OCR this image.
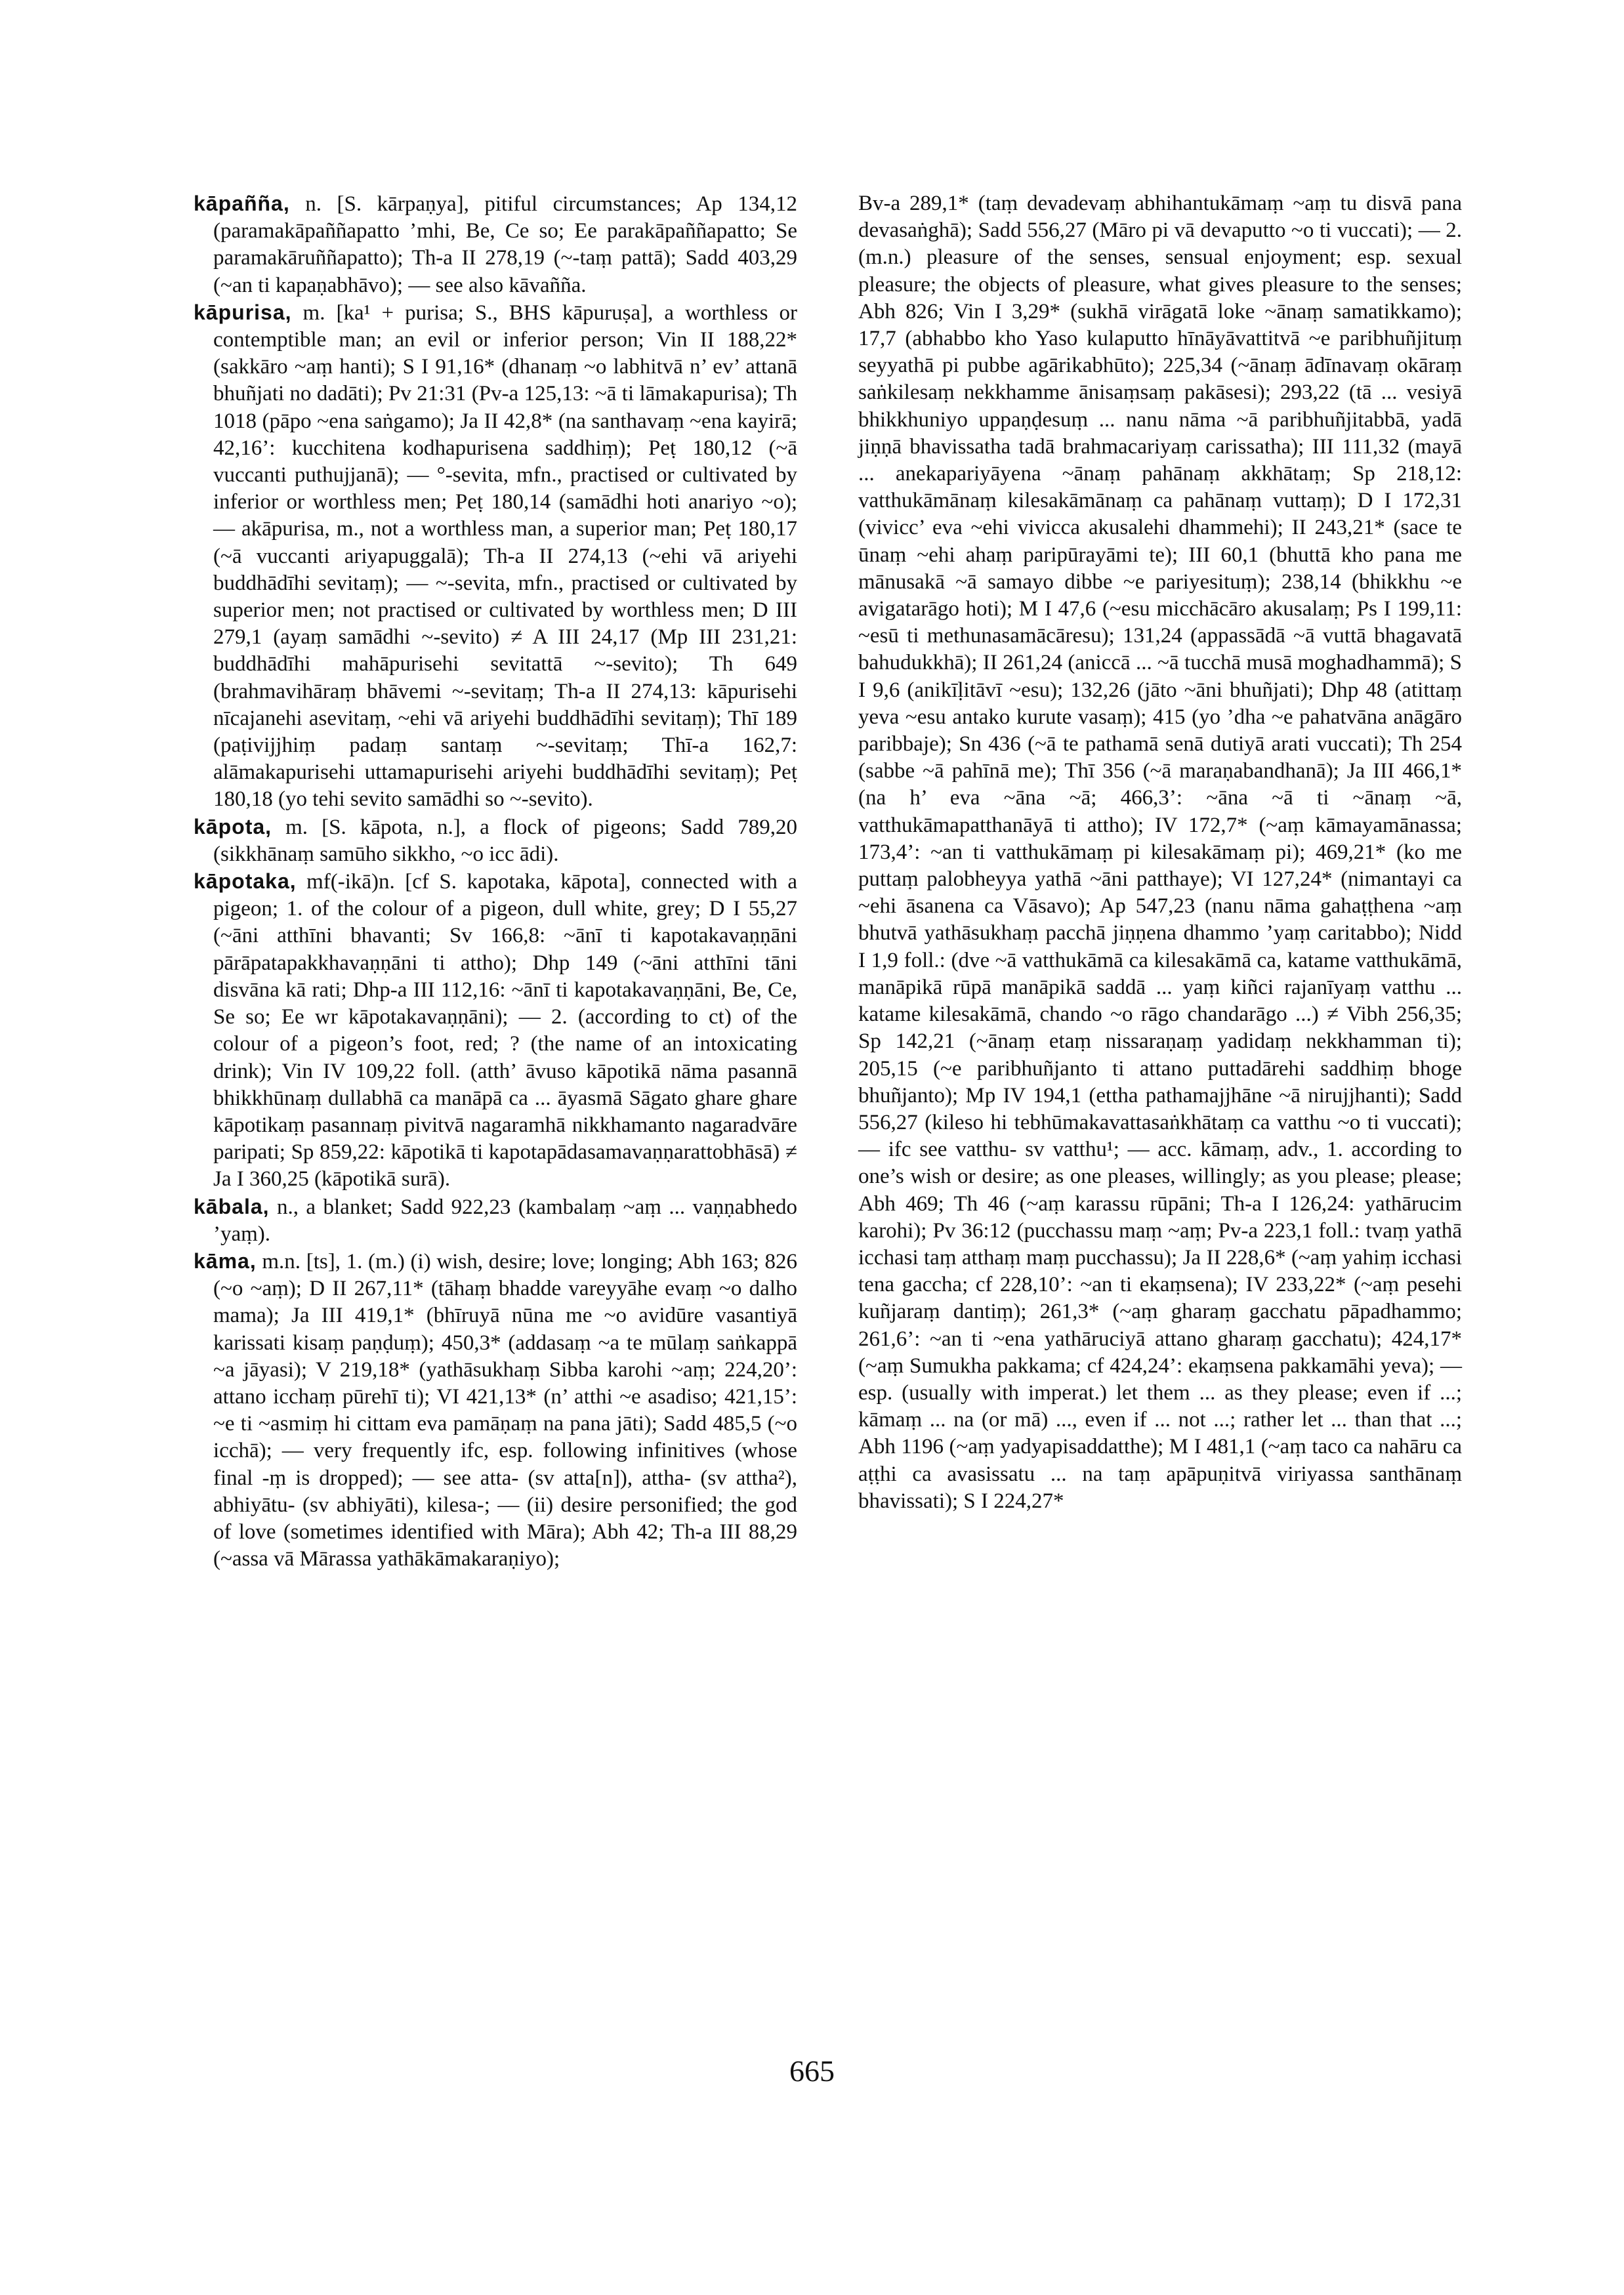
kāpañña, n. [S. kārpaṇya], pitiful circumstances; Ap 134,12 (paramakāpaññapatto ’mhi, Be, Ce so; Ee parakāpaññapatto; Se paramakāruññapatto); Th-a II 278,19 (~-taṃ pattā); Sadd 403,29 (~an ti kapaṇabhāvo); — see also kāvañña.

kāpurisa, m. [ka¹ + purisa; S., BHS kāpuruṣa], a worthless or contemptible man; an evil or inferior person; Vin II 188,22* (sakkāro ~aṃ hanti); S I 91,16* (dhanaṃ ~o labhitvā n’ ev’ attanā bhuñjati no dadāti); Pv 21:31 (Pv-a 125,13: ~ā ti lāmakapurisa); Th 1018 (pāpo ~ena saṅgamo); Ja II 42,8* (na santhavaṃ ~ena kayirā; 42,16’: kucchitena kodhapurisena saddhiṃ); Peṭ 180,12 (~ā vuccanti puthujjanā); — °-sevita, mfn., practised or cultivated by inferior or worthless men; Peṭ 180,14 (samādhi hoti anariyo ~o); — akāpurisa, m., not a worthless man, a superior man; Peṭ 180,17 (~ā vuccanti ariyapuggalā); Th-a II 274,13 (~ehi vā ariyehi buddhādīhi sevitaṃ); — ~-sevita, mfn., practised or cultivated by superior men; not practised or cultivated by worthless men; D III 279,1 (ayaṃ samādhi ~-sevito) ≠ A III 24,17 (Mp III 231,21: buddhādīhi mahāpurisehi sevitattā ~-sevito); Th 649 (brahmavihāraṃ bhāvemi ~-sevitaṃ; Th-a II 274,13: kāpurisehi nīcajanehi asevitaṃ, ~ehi vā ariyehi buddhādīhi sevitaṃ); Thī 189 (paṭivijjhiṃ padaṃ santaṃ ~-sevitaṃ; Thī-a 162,7: alāmakapurisehi uttamapurisehi ariyehi buddhādīhi sevitaṃ); Peṭ 180,18 (yo tehi sevito samādhi so ~-sevito).

kāpota, m. [S. kāpota, n.], a flock of pigeons; Sadd 789,20 (sikkhānaṃ samūho sikkho, ~o icc ādi).

kāpotaka, mf(-ikā)n. [cf S. kapotaka, kāpota], connected with a pigeon; 1. of the colour of a pigeon, dull white, grey; D I 55,27 (~āni atthīni bhavanti; Sv 166,8: ~ānī ti kapotakavaṇṇāni pārāpatapakkhavaṇṇāni ti attho); Dhp 149 (~āni atthīni tāni disvāna kā rati; Dhp-a III 112,16: ~ānī ti kapotakavaṇṇāni, Be, Ce, Se so; Ee wr kāpotakavaṇṇāni); — 2. (according to ct) of the colour of a pigeon’s foot, red; ? (the name of an intoxicating drink); Vin IV 109,22 foll. (atth’ āvuso kāpotikā nāma pasannā bhikkhūnaṃ dullabhā ca manāpā ca ... āyasmā Sāgato ghare ghare kāpotikaṃ pasannaṃ pivitvā nagaramhā nikkhamanto nagaradvāre paripati; Sp 859,22: kāpotikā ti kapotapādasamavaṇṇarattobhāsā) ≠ Ja I 360,25 (kāpotikā surā).

kābala, n., a blanket; Sadd 922,23 (kambalaṃ ~aṃ ... vaṇṇabhedo ’yaṃ).

kāma, m.n. [ts], 1. (m.) (i) wish, desire; love; longing; Abh 163; 826 (~o ~aṃ); D II 267,11* (tāhaṃ bhadde vareyyāhe evaṃ ~o dalho mama); Ja III 419,1* (bhīruyā nūna me ~o avidūre vasantiyā karissati kisaṃ paṇḍuṃ); 450,3* (addasaṃ ~a te mūlaṃ saṅkappā ~a jāyasi); V 219,18* (yathāsukhaṃ Sibba karohi ~aṃ; 224,20’: attano icchaṃ pūrehī ti); VI 421,13* (n’ atthi ~e asadiso; 421,15’: ~e ti ~asmiṃ hi cittam eva pamāṇaṃ na pana jāti); Sadd 485,5 (~o icchā); — very frequently ifc, esp. following infinitives (whose final -ṃ is dropped); — see atta- (sv atta[n]), attha- (sv attha²), abhiyātu- (sv abhiyāti), kilesa-; — (ii) desire personified; the god of love (sometimes identified with Māra); Abh 42; Th-a III 88,29 (~assa vā Mārassa yathākāmakaraṇiyo);

Bv-a 289,1* (taṃ devadevaṃ abhihantukāmaṃ ~aṃ tu disvā pana devasaṅghā); Sadd 556,27 (Māro pi vā devaputto ~o ti vuccati); — 2. (m.n.) pleasure of the senses, sensual enjoyment; esp. sexual pleasure; the objects of pleasure, what gives pleasure to the senses; Abh 826; Vin I 3,29* (sukhā virāgatā loke ~ānaṃ samatikkamo); 17,7 (abhabbo kho Yaso kulaputto hīnāyāvattitvā ~e paribhuñjituṃ seyyathā pi pubbe agārikabhūto); 225,34 (~ānaṃ ādīnavaṃ okāraṃ saṅkilesaṃ nekkhamme ānisaṃsaṃ pakāsesi); 293,22 (tā ... vesiyā bhikkhuniyo uppaṇḍesuṃ ... nanu nāma ~ā paribhuñjitabbā, yadā jiṇṇā bhavissatha tadā brahmacariyaṃ carissatha); III 111,32 (mayā ... anekapariyāyena ~ānaṃ pahānaṃ akkhātaṃ; Sp 218,12: vatthukāmānaṃ kilesakāmānaṃ ca pahānaṃ vuttaṃ); D I 172,31 (vivicc’ eva ~ehi vivicca akusalehi dhammehi); II 243,21* (sace te ūnaṃ ~ehi ahaṃ paripūrayāmi te); III 60,1 (bhuttā kho pana me mānusakā ~ā samayo dibbe ~e pariyesituṃ); 238,14 (bhikkhu ~e avigatarāgo hoti); M I 47,6 (~esu micchācāro akusalaṃ; Ps I 199,11: ~esū ti methunasamācāresu); 131,24 (appassādā ~ā vuttā bhagavatā bahudukkhā); II 261,24 (aniccā ... ~ā tucchā musā moghadhammā); S I 9,6 (anikīḷitāvī ~esu); 132,26 (jāto ~āni bhuñjati); Dhp 48 (atittaṃ yeva ~esu antako kurute vasaṃ); 415 (yo ’dha ~e pahatvāna anāgāro paribbaje); Sn 436 (~ā te pathamā senā dutiyā arati vuccati); Th 254 (sabbe ~ā pahīnā me); Thī 356 (~ā maraṇabandhanā); Ja III 466,1* (na h’ eva ~āna ~ā; 466,3’: ~āna ~ā ti ~ānaṃ ~ā, vatthukāmapatthanāyā ti attho); IV 172,7* (~aṃ kāmayamānassa; 173,4’: ~an ti vatthukāmaṃ pi kilesakāmaṃ pi); 469,21* (ko me puttaṃ palobheyya yathā ~āni patthaye); VI 127,24* (nimantayi ca ~ehi āsanena ca Vāsavo); Ap 547,23 (nanu nāma gahaṭṭhena ~aṃ bhutvā yathāsukhaṃ pacchā jiṇṇena dhammo ’yaṃ caritabbo); Nidd I 1,9 foll.: (dve ~ā vatthukāmā ca kilesakāmā ca, katame vatthukāmā, manāpikā rūpā manāpikā saddā ... yaṃ kiñci rajanīyaṃ vatthu ... katame kilesakāmā, chando ~o rāgo chandarāgo ...) ≠ Vibh 256,35; Sp 142,21 (~ānaṃ etaṃ nissaraṇaṃ yadidaṃ nekkhamman ti); 205,15 (~e paribhuñjanto ti attano puttadārehi saddhiṃ bhoge bhuñjanto); Mp IV 194,1 (ettha pathamajjhāne ~ā nirujjhanti); Sadd 556,27 (kileso hi tebhūmakavattasaṅkhātaṃ ca vatthu ~o ti vuccati); — ifc see vatthu- sv vatthu¹; — acc. kāmaṃ, adv., 1. according to one’s wish or desire; as one pleases, willingly; as you please; please; Abh 469; Th 46 (~aṃ karassu rūpāni; Th-a I 126,24: yathārucim karohi); Pv 36:12 (pucchassu maṃ ~aṃ; Pv-a 223,1 foll.: tvaṃ yathā icchasi taṃ atthaṃ maṃ pucchassu); Ja II 228,6* (~aṃ yahiṃ icchasi tena gaccha; cf 228,10’: ~an ti ekaṃsena); IV 233,22* (~aṃ pesehi kuñjaraṃ dantiṃ); 261,3* (~aṃ gharaṃ gacchatu pāpadhammo; 261,6’: ~an ti ~ena yathāruciyā attano gharaṃ gacchatu); 424,17* (~aṃ Sumukha pakkama; cf 424,24’: ekaṃsena pakkamāhi yeva); — esp. (usually with imperat.) let them ... as they please; even if ...; kāmaṃ ... na (or mā) ..., even if ... not ...; rather let ... than that ...; Abh 1196 (~aṃ yadyapisaddatthe); M I 481,1 (~aṃ taco ca nahāru ca aṭṭhi ca avasissatu ... na taṃ apāpuṇitvā viriyassa santhānaṃ bhavissati); S I 224,27*

665
